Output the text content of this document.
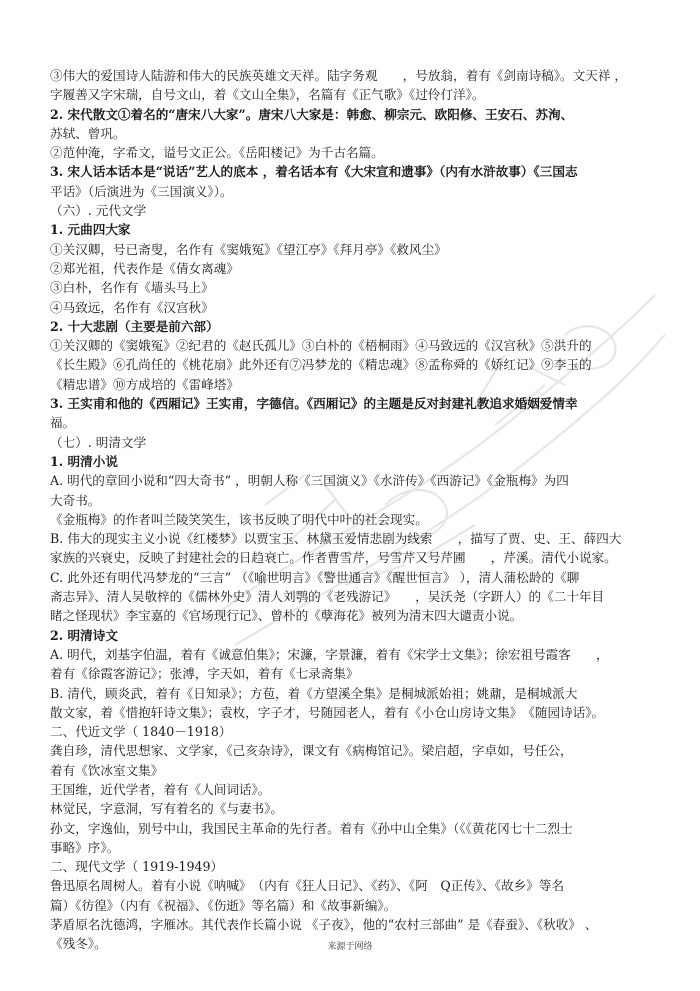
③伟大的爱国诗人陆游和伟大的民族英雄文天祥。陆字务观　　，号放翁，着有《剑南诗稿》。文天祥 ，
字履善又字宋瑞，自号文山，着《文山全集》，名篇有《正气歌》《过伶仃洋》。
2. 宋代散文①着名的“唐宋八大家”。唐宋八大家是：韩愈、柳宗元、欧阳修、王安石、苏洵、
苏轼、曾巩。
②范仲淹，字希文，谥号文正公。《岳阳楼记》为千古名篇。
3. 宋人话本话本是“说话”艺人的底本 ，着名话本有《大宋宣和遗事》（内有水浒故事）《三国志
平话》（后演进为《三国演义》）。
（六）. 元代文学
1. 元曲四大家
①关汉卿，号已斋叟，名作有《窦娥冤》《望江亭》《拜月亭》《救风尘》
②郑光祖，代表作是《倩女离魂》
③白朴，名作有《墙头马上》
④马致远，名作有《汉宫秋》
2. 十大悲剧（主要是前六部）
①关汉卿的《窦娥冤》②纪君的《赵氏孤儿》③白朴的《梧桐雨》④马致远的《汉宫秋》⑤洪升的
《长生殿》⑥孔尚任的《桃花扇》此外还有⑦冯梦龙的《精忠魂》⑧孟称舜的《娇红记》⑨李玉的
《精忠谱》⑩方成培的《雷峰塔》
3. 王实甫和他的《西厢记》王实甫，字德信。《西厢记》的主题是反对封建礼教追求婚姻爱情幸
福。
（七）. 明清文学
1. 明清小说
A. 明代的章回小说和“四大奇书” ，明朝人称《三国演义》《水浒传》《西游记》《金瓶梅》为四
大奇书。
《金瓶梅》的作者叫兰陵笑笑生，该书反映了明代中叶的社会现实。
B. 伟大的现实主义小说《红楼梦》以贾宝玉、林黛玉爱情悲剧为线索　　，描写了贾、史、王、薛四大
家族的兴衰史，反映了封建社会的日趋衰亡。作者曹雪芹，号雪芹又号芹圃　　，芹溪。清代小说家。
C. 此外还有明代冯梦龙的“三言” （《喻世明言》《警世通言》《醒世恒言》 ），清人蒲松龄的《聊
斋志异》、清人吴敬梓的《儒林外史》清人刘鹗的《老残游记》　　，吴沃尧（字趼人）的《二十年目
睹之怪现状》李宝嘉的《官场现行记》、曾朴的《孽海花》被列为清末四大谴责小说。
2. 明清诗文
A. 明代，刘基字伯温，着有《诚意伯集》；宋濂，字景濂，着有《宋学士文集》；徐宏祖号霞客　　，
着有《徐霞客游记》；张溥，字天如，着有《七录斋集》
B. 清代，顾炎武，着有《日知录》；方苞，着《方望溪全集》是桐城派始祖；姚鼐，是桐城派大
散文家，着《惜抱轩诗文集》；袁枚，字子才，号随园老人，着有《小仓山房诗文集》　《随园诗话》。
二、代近文学（ 1840－1918）
龚自珍，清代思想家、文学家，《己亥杂诗》，课文有《病梅馆记》。梁启超，字卓如，号任公，
着有《饮冰室文集》
王国维，近代学者，着有《人间词话》。
林觉民，字意洞，写有着名的《与妻书》。
孙文，字逸仙，别号中山，我国民主革命的先行者。着有《孙中山全集》（《《黄花冈七十二烈士
事略》序》。
二、现代文学（ 1919-1949）
鲁迅原名周树人。着有小说《呐喊》　（内有《狂人日记》、《药》、《阿　Q正传》、《故乡》等名
篇）《彷徨》（内有《祝福》、《伤逝》等名篇）和《故事新编》。
茅盾原名沈德鸿，字雁冰。其代表作长篇小说 《子夜》，他的“农村三部曲” 是《春蚕》、《秋收》 、
《残冬》。	来源于网络
